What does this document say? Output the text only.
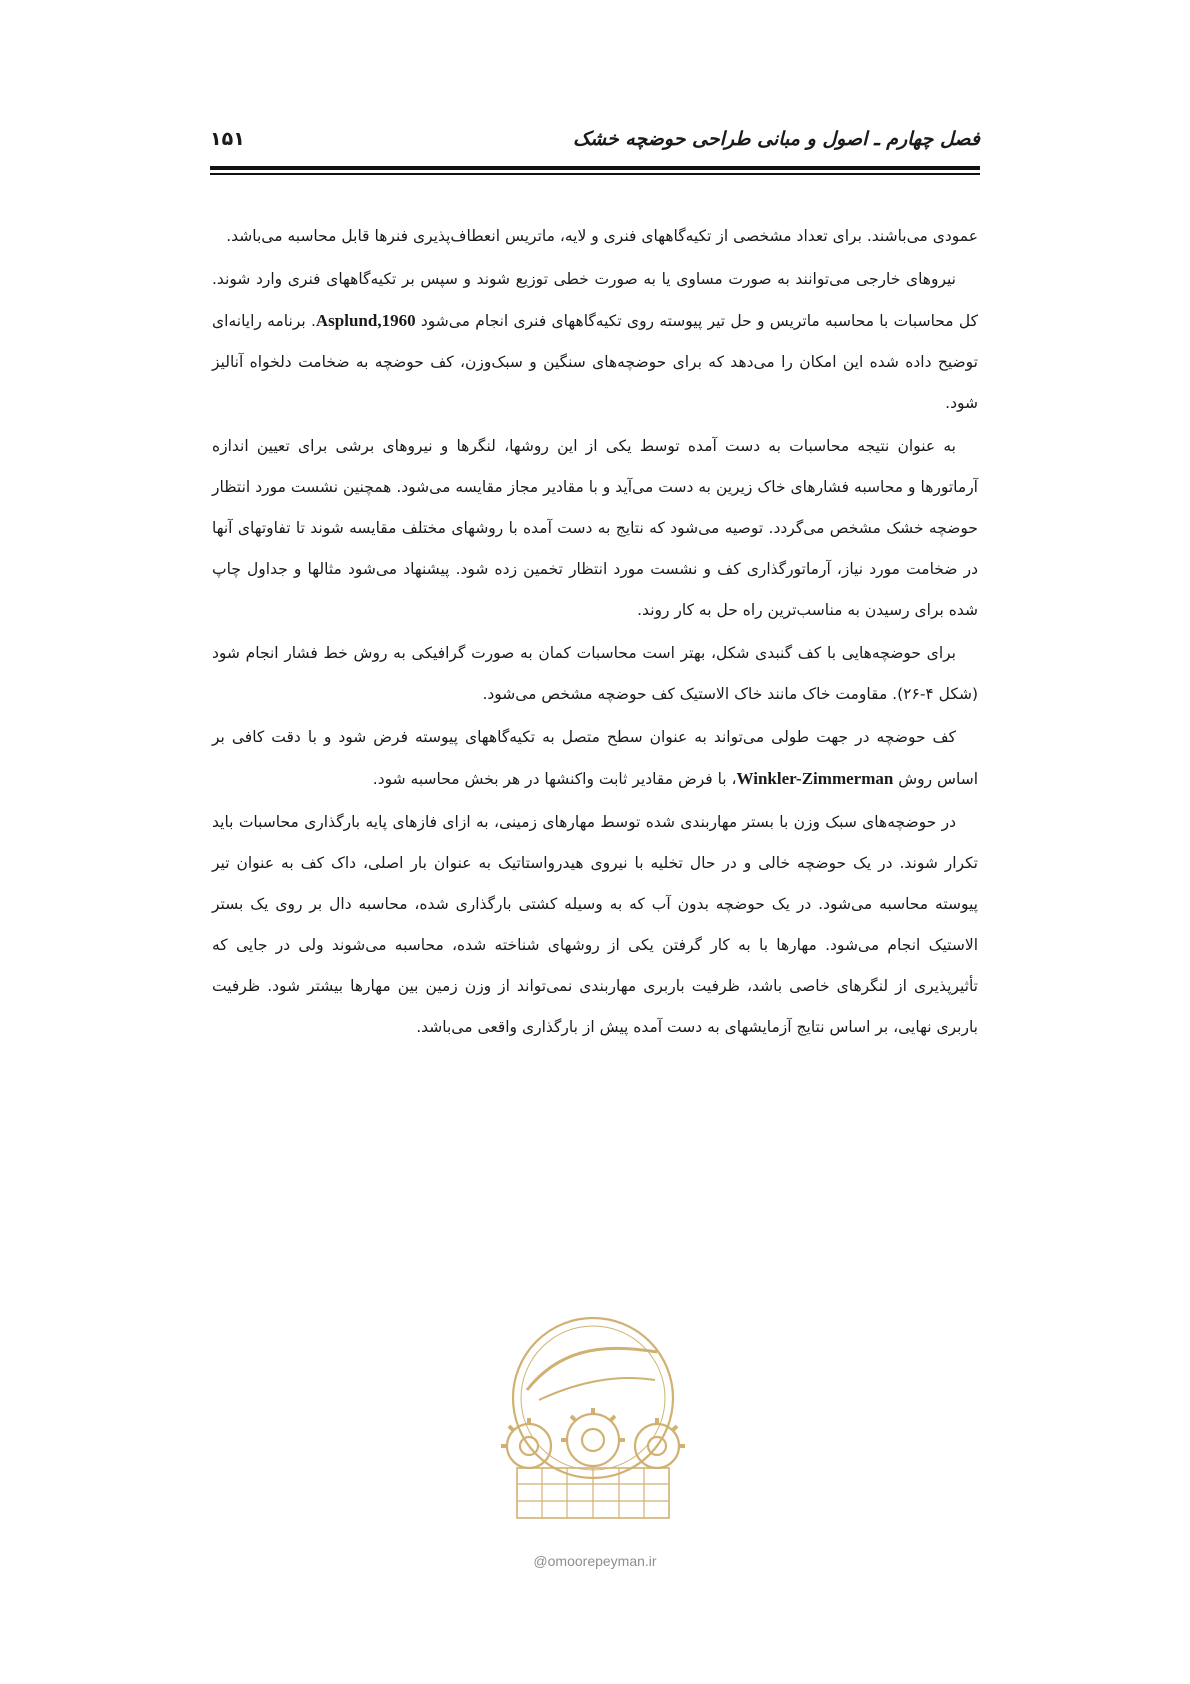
فصل چهارم ـ اصول و مبانی طراحی حوضچه خشک
۱۵۱

عمودی می‌باشند. برای تعداد مشخصی از تکیه‌گاههای فنری و لایه، ماتریس انعطاف‌پذیری فنرها قابل محاسبه می‌باشد.

نیروهای خارجی می‌توانند به صورت مساوی یا به صورت خطی توزیع شوند و سپس بر تکیه‌گاههای فنری وارد شوند. کل محاسبات با محاسبه ماتریس و حل تیر پیوسته روی تکیه‌گاههای فنری انجام می‌شود Asplund,1960. برنامه رایانه‌ای توضیح داده شده این امکان را می‌دهد که برای حوضچه‌های سنگین و سبک‌وزن، کف حوضچه به ضخامت دلخواه آنالیز شود.

به عنوان نتیجه محاسبات به دست آمده توسط یکی از این روشها، لنگرها و نیروهای برشی برای تعیین اندازه آرماتورها و محاسبه فشارهای خاک زیرین به دست می‌آید و با مقادیر مجاز مقایسه می‌شود. همچنین نشست مورد انتظار حوضچه خشک مشخص می‌گردد. توصیه می‌شود که نتایج به دست آمده با روشهای مختلف مقایسه شوند تا تفاوتهای آنها در ضخامت مورد نیاز، آرماتورگذاری کف و نشست مورد انتظار تخمین زده شود. پیشنهاد می‌شود مثالها و جداول چاپ شده برای رسیدن به مناسب‌ترین راه حل به کار روند.

برای حوضچه‌هایی با کف گنبدی شکل، بهتر است محاسبات کمان به صورت گرافیکی به روش خط فشار انجام شود (شکل ۴-۲۶). مقاومت خاک مانند خاک الاستیک کف حوضچه مشخص می‌شود.

کف حوضچه در جهت طولی می‌تواند به عنوان سطح متصل به تکیه‌گاههای پیوسته فرض شود و با دقت کافی بر اساس روش Winkler-Zimmerman، با فرض مقادیر ثابت واکنشها در هر بخش محاسبه شود.

در حوضچه‌های سبک وزن با بستر مهاربندی شده توسط مهارهای زمینی، به ازای فازهای پایه بارگذاری محاسبات باید تکرار شوند. در یک حوضچه خالی و در حال تخلیه با نیروی هیدرواستاتیک به عنوان بار اصلی، داک کف به عنوان تیر پیوسته محاسبه می‌شود. در یک حوضچه بدون آب که به وسیله کشتی بارگذاری شده، محاسبه دال بر روی یک بستر الاستیک انجام می‌شود. مهارها با به کار گرفتن یکی از روشهای شناخته شده، محاسبه می‌شوند ولی در جایی که تأثیرپذیری از لنگرهای خاصی باشد، ظرفیت باربری مهاربندی نمی‌تواند از وزن زمین بین مهارها بیشتر شود. ظرفیت باربری نهایی، بر اساس نتایج آزمایشهای به دست آمده پیش از بارگذاری واقعی می‌باشد.

@omoorepeyman.ir
